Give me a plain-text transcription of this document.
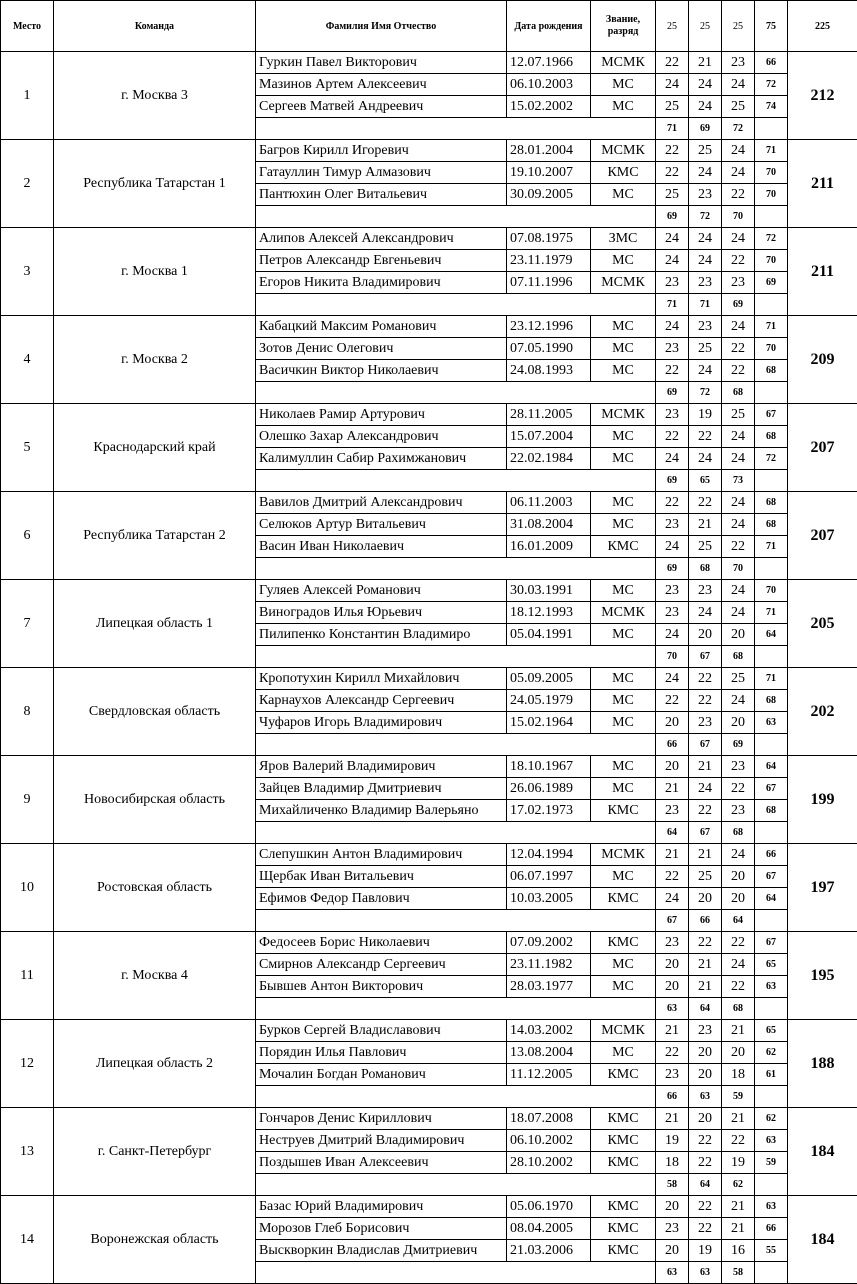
Место	Команда	Фамилия Имя Отчество	Дата рождения	Звание, разряд	25	25	25	75	225
1	г. Москва 3	Гуркин Павел Викторович	12.07.1966	МСМК	22	21	23	66	212
		Мазинов Артем Алексеевич	06.10.2003	МС	24	24	24	72	
		Сергеев Матвей Андреевич	15.02.2002	МС	25	24	25	74	
					71	69	72		
2	Республика Татарстан 1	Багров Кирилл Игоревич	28.01.2004	МСМК	22	25	24	71	211
		Гатауллин Тимур Алмазович	19.10.2007	КМС	22	24	24	70	
		Пантюхин Олег Витальевич	30.09.2005	МС	25	23	22	70	
					69	72	70		
3	г. Москва 1	Алипов Алексей Александрович	07.08.1975	ЗМС	24	24	24	72	211
		Петров Александр Евгеньевич	23.11.1979	МС	24	24	22	70	
		Егоров Никита Владимирович	07.11.1996	МСМК	23	23	23	69	
					71	71	69		
4	г. Москва 2	Кабацкий Максим Романович	23.12.1996	МС	24	23	24	71	209
		Зотов Денис Олегович	07.05.1990	МС	23	25	22	70	
		Васичкин Виктор Николаевич	24.08.1993	МС	22	24	22	68	
					69	72	68		
5	Краснодарский край	Николаев Рамир Артурович	28.11.2005	МСМК	23	19	25	67	207
		Олешко Захар Александрович	15.07.2004	МС	22	22	24	68	
		Калимуллин Сабир Рахимжанович	22.02.1984	МС	24	24	24	72	
					69	65	73		
6	Республика Татарстан 2	Вавилов Дмитрий Александрович	06.11.2003	МС	22	22	24	68	207
		Селюков Артур Витальевич	31.08.2004	МС	23	21	24	68	
		Васин Иван Николаевич	16.01.2009	КМС	24	25	22	71	
					69	68	70		
7	Липецкая область 1	Гуляев Алексей Романович	30.03.1991	МС	23	23	24	70	205
		Виноградов Илья Юрьевич	18.12.1993	МСМК	23	24	24	71	
		Пилипенко Константин Владимиро	05.04.1991	МС	24	20	20	64	
					70	67	68		
8	Свердловская область	Кропотухин Кирилл Михайлович	05.09.2005	МС	24	22	25	71	202
		Карнаухов Александр Сергеевич	24.05.1979	МС	22	22	24	68	
		Чуфаров Игорь Владимирович	15.02.1964	МС	20	23	20	63	
					66	67	69		
9	Новосибирская область	Яров Валерий Владимирович	18.10.1967	МС	20	21	23	64	199
		Зайцев Владимир Дмитриевич	26.06.1989	МС	21	24	22	67	
		Михайличенко Владимир Валерьяно	17.02.1973	КМС	23	22	23	68	
					64	67	68		
10	Ростовская область	Слепушкин Антон Владимирович	12.04.1994	МСМК	21	21	24	66	197
		Щербак Иван Витальевич	06.07.1997	МС	22	25	20	67	
		Ефимов Федор Павлович	10.03.2005	КМС	24	20	20	64	
					67	66	64		
11	г. Москва 4	Федосеев Борис Николаевич	07.09.2002	КМС	23	22	22	67	195
		Смирнов Александр Сергеевич	23.11.1982	МС	20	21	24	65	
		Бывшев Антон Викторович	28.03.1977	МС	20	21	22	63	
					63	64	68		
12	Липецкая область 2	Бурков Сергей Владиславович	14.03.2002	МСМК	21	23	21	65	188
		Порядин Илья Павлович	13.08.2004	МС	22	20	20	62	
		Мочалин Богдан Романович	11.12.2005	КМС	23	20	18	61	
					66	63	59		
13	г. Санкт-Петербург	Гончаров Денис Кириллович	18.07.2008	КМС	21	20	21	62	184
		Неструев Дмитрий Владимирович	06.10.2002	КМС	19	22	22	63	
		Поздышев Иван Алексеевич	28.10.2002	КМС	18	22	19	59	
					58	64	62		
14	Воронежская область	Базас Юрий Владимирович	05.06.1970	КМС	20	22	21	63	184
		Морозов Глеб Борисович	08.04.2005	КМС	23	22	21	66	
		Выскворкин Владислав Дмитриевич	21.03.2006	КМС	20	19	16	55	
					63	63	58		
